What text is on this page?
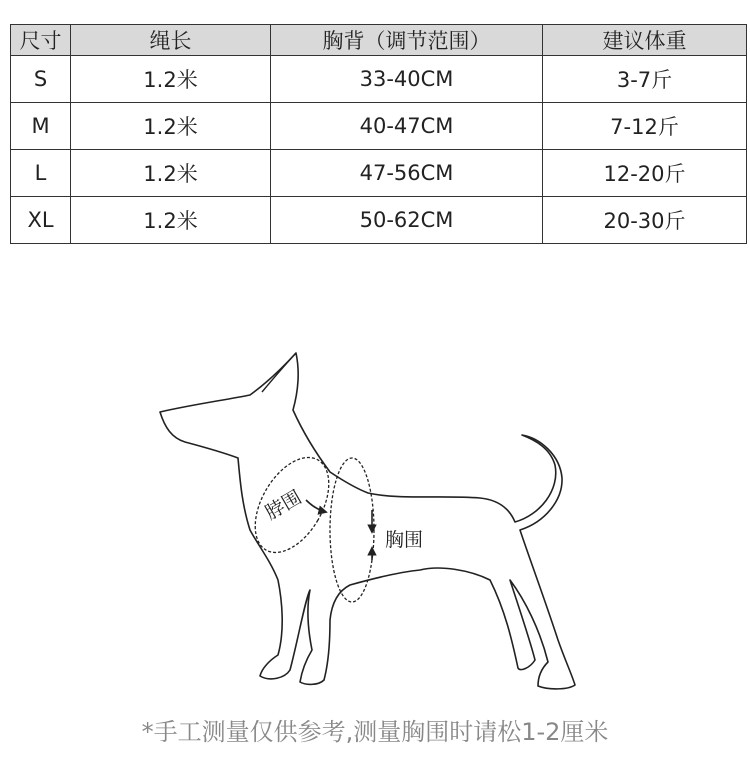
尺寸	绳长	胸背（调节范围）	建议体重
S	1.2米	33-40CM	3-7斤
M	1.2米	40-47CM	7-12斤
L	1.2米	47-56CM	12-20斤
XL	1.2米	50-62CM	20-30斤
脖围
胸围
*手工测量仅供参考,测量胸围时请松1-2厘米
